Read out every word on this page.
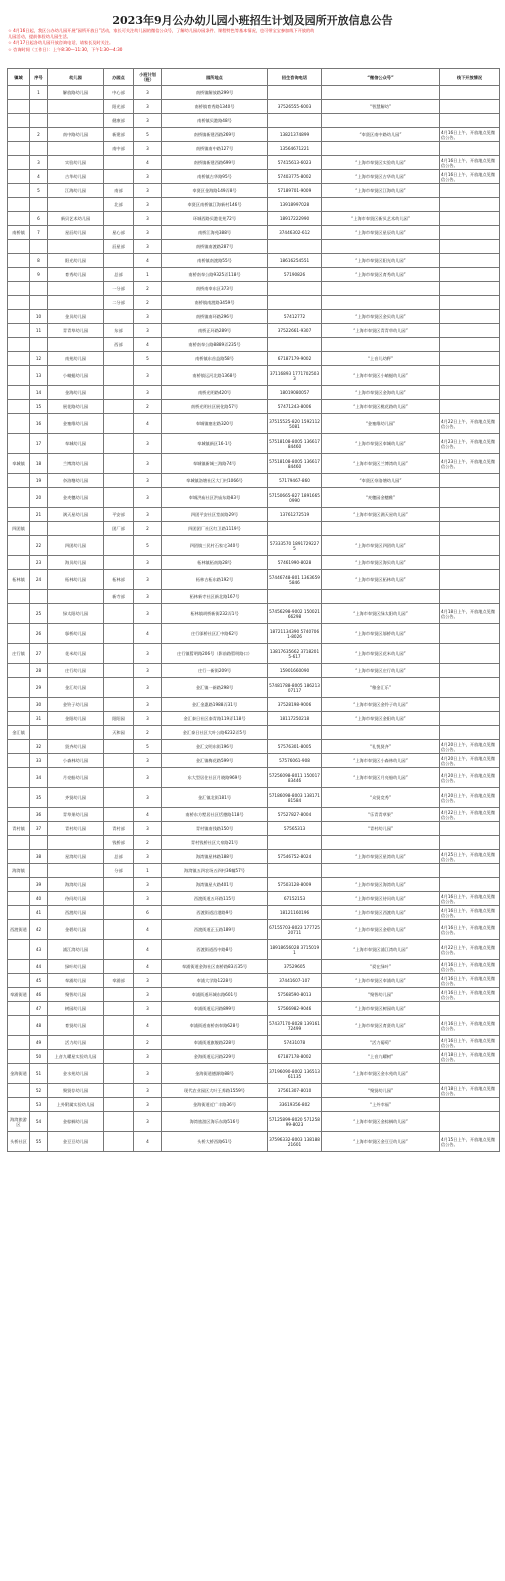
2023年9月公办幼儿园小班招生计划及园所开放信息公告
☆ 4月16日起，我区公办幼儿园开展“园所开放日”活动，家长可关注幼儿园的微信公众号，了解幼儿园办园条件、课程特色等基本情况，也可带宝宝参加线下开放的幼
儿园活动，提前体验幼儿园生活。
☆ 4月17日起各幼儿园开放咨询电话，请家长及时关注。
☆ 咨询时间（工作日）：上午8:30—11:30，下午1:30—4:30
镇域	序号	幼儿园	办园点	小班计划（班）	园所地点	招生咨询电话	“微信公众号”	线下开放情况
	1	解放路幼儿园	中心部	3	南桥镇解放路299号			
			阳光部	3	南桥镇育秀路1340号	37526555-6003	“智慧解幼”	
			健康部	3	南桥镇贝港路48号			
	2	南中路幼儿园	新建部	5	南桥镇新建西路269号	13821374899	“奉贤区南中路幼儿园”	4月16日上午，开放地点见微信公告。
			南中部	3	南桥镇南中路127号	13564671221		
	3	实验幼儿园		4	南桥镇新建西路699号	57415613-6023	“上海市奉贤区实验幼儿园”	4月16日上午，开放地点见微信公告。
	4	古华幼儿园		3	南桥镇古华路95号	57403775-8002	“上海市奉贤区古华幼儿园”	4月16日上午，开放地点见微信公告。
	5	江海幼儿园	南部	3	奉贤区金海路149弄8号	57189701-9009	“上海市奉贤区江海幼儿园”	
			北部	3	奉贤区南桥镇江海新村146号	13918997028		
	6	新贝艺术幼儿园		3	环城西路贝港花苑72号	18917222990	“上海市奉贤区新贝艺术幼儿园”	
南桥镇	7	星辰幼儿园	星心部	3	南桥江海苑388号	37446302-612	“上海市奉贤区星辰幼儿园”	
			辰星部	3	南桥镇南渡路287号			
	8	阳光幼儿园		4	南桥镇南渡路55号	18616254551	“上海市奉贤区阳光幼儿园”	
	9	育秀幼儿园	总部	1	南桥南奉公路9325弄118号	57190826	“上海市奉贤区育秀幼儿园”	
			一分部	2	南桥南奉东区373号			
			二分部	2	南桥镇南渡路3459号			
	10	金贝幼儿园		3	南桥镇南环路296号	57412772	“上海市奉贤区金贝幼儿园”	
	11	青青草幼儿园	东部	3	南桥正环路289号	37522661-9307	“上海市奉贤区青青草幼儿园”	
			西部	4	南桥南奉公路8889弄235号			
	12	南苑幼儿园		5	南桥镇东首益路58号	67187179-9002	“上音儿幼秤”	
	13	小蜻蜓幼儿园		3	南桥镇运河北路1368号	37116893 17717025033	“上海市奉贤区小蜻蜓幼儿园”	
	14	金海幼儿园		3	南桥光明路420号	18019080057	“上海市奉贤区金海幼儿园”	
	15	展花路幼儿园		2	南桥光明社区展化路57号	57471243-8006	“上海市奉贤区桃花路幼儿园”	
	16	金塞维幼儿园		4	奉城镇塞宏路320号	37515525-820 15921125081	“金塞维幼儿园”	4月22日上午，开放地点见微信公告。
	17	奉城幼儿园		3	奉城镇新区16-1号	57518108-8005 13661784460	“上海市奉贤区奉城幼儿园”	4月23日上午，开放地点见微信公告。
奉城镇	18	兰博湾幼儿园		3	奉城镇新城三海路74号	57518108-8005 13661784460	“上海市奉贤区兰博湾幼儿园”	4月23日上午，开放地点见微信公告。
	19	奈洛塘幼儿园		3	奉城镇洛塘社区大门村1066号	57179467-860	“奉贤区奈洛塘幼儿园”	
	20	金麦穗幼儿园		3	奉城洪庙社区洪庙东路83号	57150665-827 18916650990	“麦穗园金穗稚”	
	21	满天星幼儿园	平安部	3	四团平安社区堂前路29号	13761272519	“上海市奉贤区满天星幼儿园”	
四团镇			团厂部	2	四团团厂社区红卫路1119号			
	22	四团幼儿园		5	四团镇三民村石家宅340号	57333570 18917292275	“上海市奉贤区四团幼儿园”	
	23	海贝幼儿园		3	柘林镇柘南路28号	57461990-8028	“上海市奉贤区海贝幼儿园”	
柘林镇	24	柘林幼儿园	柘林部	3	柘林古柘东路192号	57446748-801 13636595846	“上海市奉贤区柘林幼儿园”	
			新寺部	3	柘林新寺社区新北路167号			
	25	绿太阳幼儿园		3	柘林镇胡桥新街232弄1号	57456298-9002 15002166298	“上海市奉贤区绿太阳幼儿园”	4月18日上午，开放地点见微信公告。
	26	邬桥幼儿园		4	庄行邬桥社区汇中路62号	18721134390 57407061-8026	“上海市奉贤区邬桥幼儿园”	
庄行镇	27	花米幼儿园		3	庄行镇暂明路206号（影前路暂明路口）	13817635662 37182015-617	“上海市奉贤区花米幼儿园”	
	28	庄行幼儿园		3	庄行一新街209号	15901660090	“上海市奉贤区庄行幼儿园”	
	29	金汇幼儿园		3	金汇镇一新路298号	57481788-8005 18621307117	“稚金汇乐”	
	30	金铃子幼儿园		3	金汇金惠路1988弄31号	37528198-9006	“上海市奉贤区金铃子幼儿园”	
	31	金阳幼儿园	阳阳园	3	金汇泰日社区泰青路119弄118号	18117250218	“上海市奉贤区金阳幼儿园”	
金汇镇			天和园	2	金汇泰日社区大叶公路6232弄5号			
	32	贤齐幼儿园		5	金汇文明东街196号	57576301-8005	“礼悦贤齐”	4月20日上午，开放地点见微信公告。
	33	小森林幼儿园		3	金汇镇梅花路599号	57576061-908	“上海市奉贤区小森林幼儿园”	4月20日上午，开放地点见微信公告。
	34	月亮船幼儿园		3	东大型居住社区月晓路969号	57256098-8011 15001783446	“上海市奉贤区月亮船幼儿园”	4月20日上午，开放地点见微信公告。
	35	齐贤幼儿园		3	金汇镇北街181号	57186098-8003 13817181584	“众贤竞秀”	4月20日上午，开放地点见微信公告。
	36	青草果幼儿园		4	南桥东方墅居社区恬德路118号	57527827-8004	“乐青青草果”	4月22日上午，开放地点见微信公告。
青村镇	37	青村幼儿园	青村部	3	青村镇南钱路150号	57565313	“青村幼儿园”	
			钱桥部	2	青村钱桥社区大泉路21号			
	38	星湾幼儿园	总部	3	海湾镇星林路188号	57546752-8024	“上海市奉贤区星湾幼儿园”	4月25日上午，开放地点见微信公告。
海湾镇			分部	1	海湾镇五四农场五四村36幢57号			
	39	海湾幼儿园		3	海湾镇星火路401号	57503128-8009	“上海市奉贤区海湾幼儿园”	
	40	待问幼儿园		3	西渡街道五环路115号	67152153	“上海市奉贤区待问幼儿园”	4月16日上午，开放地点见微信公告。
	41	西渡幼儿园		6	西渡街道沿港路9号	18121160196	“上海市奉贤区西渡幼儿园”	4月16日上午，开放地点见微信公告。
西渡街道	42	金碧幼儿园		4	西渡街道正玉路189号	67155703-8023 17772520711	“上海市奉贤区金碧幼儿园”	4月16日上午，开放地点见微信公告。
	43	浦江湾幼儿园		4	西渡街道西中路8号	18918656028 37150191	“上海市奉贤区浦江湾幼儿园”	4月22日上午，开放地点见微信公告。
	44	绿叶幼儿园		4	奉浦街道金海社区南桥路83弄35号	37529605	“爱在绿叶”	4月16日上午，开放地点见微信公告。
	45	奉浦幼儿园	奉浦部	3	奉浦大学路1228号	37441607-107	“上海市奉贤区奉浦幼儿园”	4月16日上午，开放地点见微信公告。
奉浦街道	46	聚智幼儿园		3	奉浦街道环城东路601号	57568590-8013	“聚智幼儿园”	4月16日上午，开放地点见微信公告。
	47	树园幼儿园		3	奉浦街道运河路899号	57566982-9046	“上海市奉贤区树园幼儿园”	
	48	育贤幼儿园		4	奉浦街道南桥南奉路628号	57437170-8028 13916172499	“上海市奉贤区育贤幼儿园”	4月16日上午，开放地点见微信公告。
	49	活力幼儿园		2	奉浦街道旗舰路228号	57431078	“活力葡萄”	4月16日上午，开放地点见微信公告。
	50	上音九曜星实验幼儿园		3	金海街道运河路229号	67187178-8002	“上音九曜树”	4月18日上午，开放地点见微信公告。
金海街道	51	金水苑幼儿园		3	金海街道德源路88号	37196090-8002 13651361135	“上海市奉贤区金水苑幼儿园”	
	52	聚贤存幼儿园		3	现代农业园区大叶王养路1559号	37561307-8010	“聚贤幼儿园”	4月18日上午，开放地点见微信公告。
	53	上外附属实验幼儿园		3	金海街道近广丰路36号	33619356-802	“上外幸福”	
海湾旅游区	54	金棕榈幼儿园		3	海湾旅游区海乐东路516号	57125899-8020 57125899-8023	“上海市奉贤区金棕榈幼儿园”	
头桥社区	55	金豆豆幼儿园		4	头桥大桥西路61号	37596332-8003 13818821601	“上海市奉贤区金豆豆幼儿园”	4月15日上午，开放地点见微信公告。
